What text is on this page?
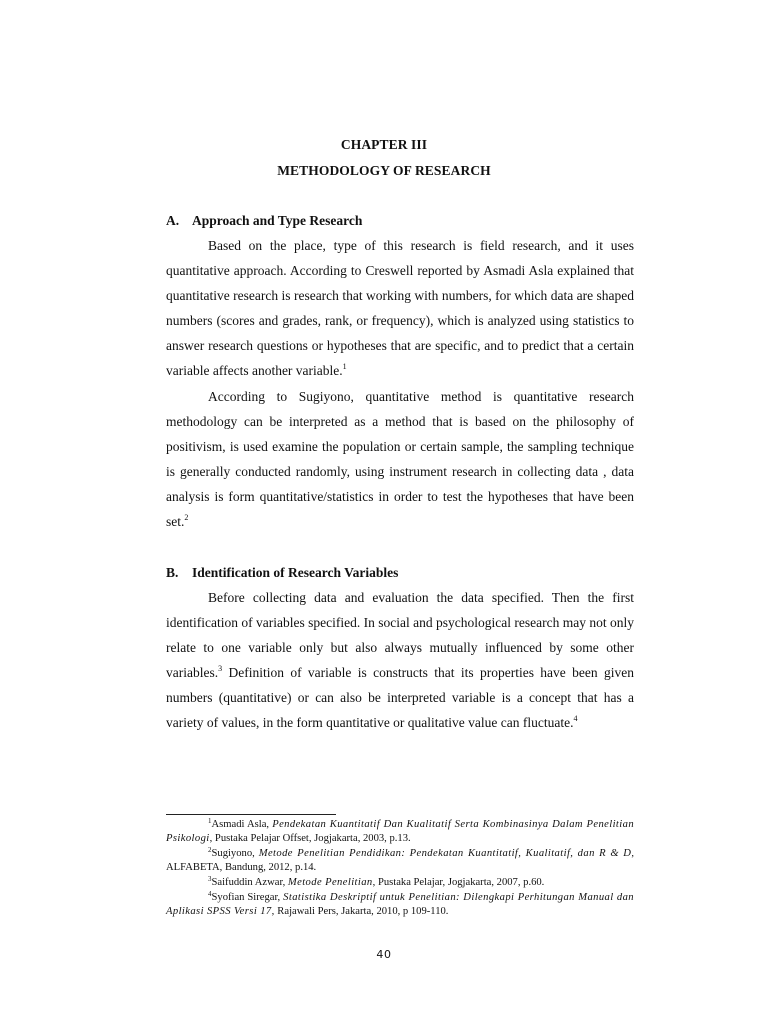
CHAPTER III
METHODOLOGY OF RESEARCH
A. Approach and Type Research

Based on the place, type of this research is field research, and it uses quantitative approach. According to Creswell reported by Asmadi Asla explained that quantitative research is research that working with numbers, for which data are shaped numbers (scores and grades, rank, or frequency), which is analyzed using statistics to answer research questions or hypotheses that are specific, and to predict that a certain variable affects another variable.$^1$

According to Sugiyono, quantitative method is quantitative research methodology can be interpreted as a method that is based on the philosophy of positivism, is used examine the population or certain sample, the sampling technique is generally conducted randomly, using instrument research in collecting data , data analysis is form quantitative/statistics in order to test the hypotheses that have been set.$^2$

B. Identification of Research Variables

Before collecting data and evaluation the data specified. Then the first identification of variables specified. In social and psychological research may not only relate to one variable only but also always mutually influenced by some other variables.$^3$ Definition of variable is constructs that its properties have been given numbers (quantitative) or can also be interpreted variable is a concept that has a variety of values, in the form quantitative or qualitative value can fluctuate.$^4$

$^1$Asmadi Asla, Pendekatan Kuantitatif Dan Kualitatif Serta Kombinasinya Dalam Penelitian Psikologi, Pustaka Pelajar Offset, Jogjakarta, 2003, p.13.

$^2$Sugiyono, Metode Penelitian Pendidikan: Pendekatan Kuantitatif, Kualitatif, dan R & D, ALFABETA, Bandung, 2012, p.14.

$^3$Saifuddin Azwar, Metode Penelitian, Pustaka Pelajar, Jogjakarta, 2007, p.60.

$^4$Syofian Siregar, Statistika Deskriptif untuk Penelitian: Dilengkapi Perhitungan Manual dan Aplikasi SPSS Versi 17, Rajawali Pers, Jakarta, 2010, p 109-110.

40
